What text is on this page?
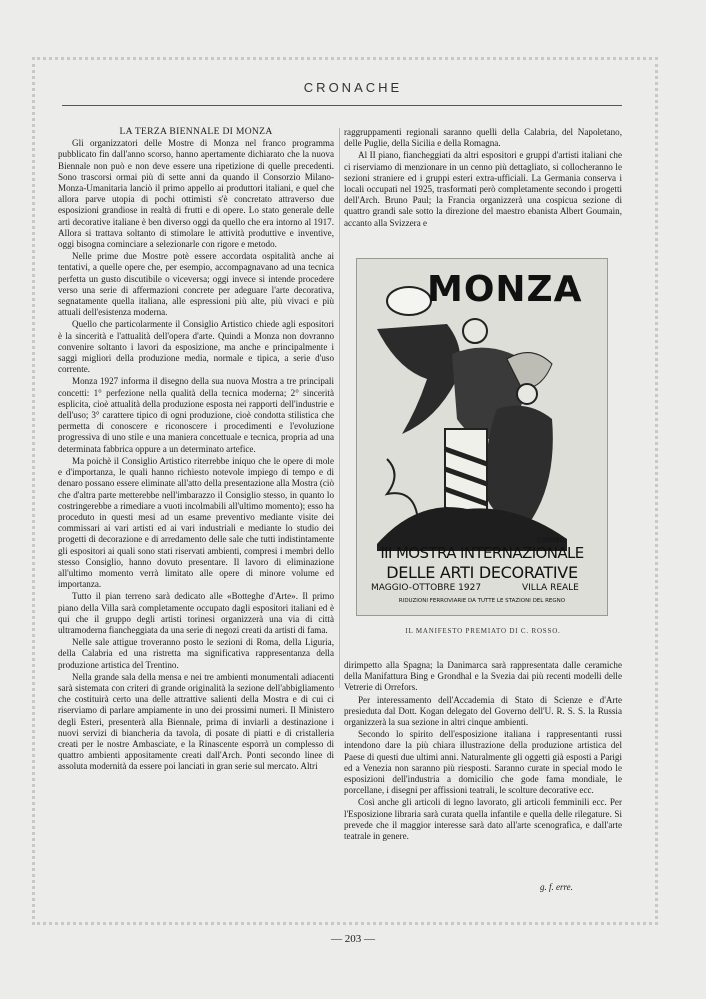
CRONACHE

LA TERZA BIENNALE DI MONZA

Gli organizzatori delle Mostre di Monza nel franco programma pubblicato fin dall'anno scorso, hanno apertamente dichiarato che la nuova Biennale non può e non deve essere una ripetizione di quelle precedenti. Sono trascorsi ormai più di sette anni da quando il Consorzio Milano-Monza-Umanitaria lanciò il primo appello ai produttori italiani, e quel che allora parve utopia di pochi ottimisti s'è concretato attraverso due esposizioni grandiose in realtà di frutti e di opere. Lo stato generale delle arti decorative italiane è ben diverso oggi da quello che era intorno al 1917. Allora si trattava soltanto di stimolare le attività produttive e inventive, oggi bisogna cominciare a selezionarle con rigore e metodo.

Nelle prime due Mostre potè essere accordata ospitalità anche ai tentativi, a quelle opere che, per esempio, accompagnavano ad una tecnica perfetta un gusto discutibile o viceversa; oggi invece si intende procedere verso una serie di affermazioni concrete per adeguare l'arte decorativa, segnatamente quella italiana, alle espressioni più alte, più vivaci e più attuali dell'esistenza moderna.

Quello che particolarmente il Consiglio Artistico chiede agli espositori è la sincerità e l'attualità dell'opera d'arte. Quindi a Monza non dovranno convenire soltanto i lavori da esposizione, ma anche e principalmente i saggi migliori della produzione media, normale e tipica, a serie d'uso corrente.

Monza 1927 informa il disegno della sua nuova Mostra a tre principali concetti: 1° perfezione nella qualità della tecnica moderna; 2° sincerità esplicita, cioè attualità della produzione esposta nei rapporti dell'industrie e dell'uso; 3° carattere tipico di ogni produzione, cioè condotta stilistica che permetta di conoscere e riconoscere i procedimenti e l'evoluzione progressiva di uno stile e una maniera concettuale e tecnica, propria ad una determinata fabbrica oppure a un determinato artefice.

Ma poichè il Consiglio Artistico riterrebbe iniquo che le opere di mole e d'importanza, le quali hanno richiesto notevole impiego di tempo e di denaro possano essere eliminate all'atto della presentazione alla Mostra (ciò che d'altra parte metterebbe nell'imbarazzo il Consiglio stesso, in quanto lo costringerebbe a rimediare a vuoti incolmabili all'ultimo momento); esso ha proceduto in questi mesi ad un esame preventivo mediante visite dei commissari ai vari artisti ed ai vari industriali e mediante lo studio dei progetti di decorazione e di arredamento delle sale che tutti indistintamente gli espositori ai quali sono stati riservati ambienti, compresi i membri dello stesso Consiglio, hanno dovuto presentare. Il lavoro di eliminazione all'ultimo momento verrà limitato alle opere di minore volume ed importanza.

Tutto il pian terreno sarà dedicato alle «Botteghe d'Arte». Il primo piano della Villa sarà completamente occupato dagli espositori italiani ed è qui che il gruppo degli artisti torinesi organizzerà una via di città ultramoderna fiancheggiata da una serie di negozi creati da artisti di fama.

Nelle sale attigue troveranno posto le sezioni di Roma, della Liguria, della Calabria ed una ristretta ma significativa rappresentanza della produzione artistica del Trentino.

Nella grande sala della mensa e nei tre ambienti monumentali adiacenti sarà sistemata con criteri di grande originalità la sezione dell'abbigliamento che costituirà certo una delle attrattive salienti della Mostra e di cui ci riserviamo di parlare ampiamente in uno dei prossimi numeri. Il Ministero degli Esteri, presenterà alla Biennale, prima di inviarli a destinazione i nuovi servizi di biancheria da tavola, di posate di piatti e di cristalleria creati per le nostre Ambasciate, e la Rinascente esporrà un complesso di quattro ambienti appositamente creati dall'Arch. Ponti secondo linee di assoluta modernità da essere poi lanciati in gran serie sul mercato. Altri

raggruppamenti regionali saranno quelli della Calabria, del Napoletano, delle Puglie, della Sicilia e della Romagna.

Al II piano, fiancheggiati da altri espositori e gruppi d'artisti italiani che ci riserviamo di menzionare in un cenno più dettagliato, si collocheranno le sezioni straniere ed i gruppi esteri extra-ufficiali. La Germania conserva i locali occupati nel 1925, trasformati però completamente secondo i progetti dell'Arch. Bruno Paul; la Francia organizzerà una cospicua sezione di quattro grandi sale sotto la direzione del maestro ebanista Albert Goumain, accanto alla Svizzera e

MONZA
C.ROSSO
III MOSTRA INTERNAZIONALE
DELLE ARTI DECORATIVE
MAGGIO-OTTOBRE 1927	VILLA REALE
RIDUZIONI FERROVIARIE DA TUTTE LE STAZIONI DEL REGNO
IL MANIFESTO PREMIATO DI C. ROSSO.

dirimpetto alla Spagna; la Danimarca sarà rappresentata dalle ceramiche della Manifattura Bing e Grondhal e la Svezia dai più recenti modelli delle Vetrerie di Orrefors.

Per interessamento dell'Accademia di Stato di Scienze e d'Arte presieduta dal Dott. Kogan delegato del Governo dell'U. R. S. S. la Russia organizzerà la sua sezione in altri cinque ambienti.

Secondo lo spirito dell'esposizione italiana i rappresentanti russi intendono dare la più chiara illustrazione della produzione artistica del Paese di questi due ultimi anni. Naturalmente gli oggetti già esposti a Parigi ed a Venezia non saranno più riesposti. Saranno curate in special modo le esposizioni dell'industria a domicilio che gode fama mondiale, le porcellane, i disegni per affissioni teatrali, le scolture decorative ecc.

Così anche gli articoli di legno lavorato, gli articoli femminili ecc. Per l'Esposizione libraria sarà curata quella infantile e quella delle rilegature. Si prevede che il maggior interesse sarà dato all'arte scenografica, e dall'arte teatrale in genere.

g. f. erre.
— 203 —
